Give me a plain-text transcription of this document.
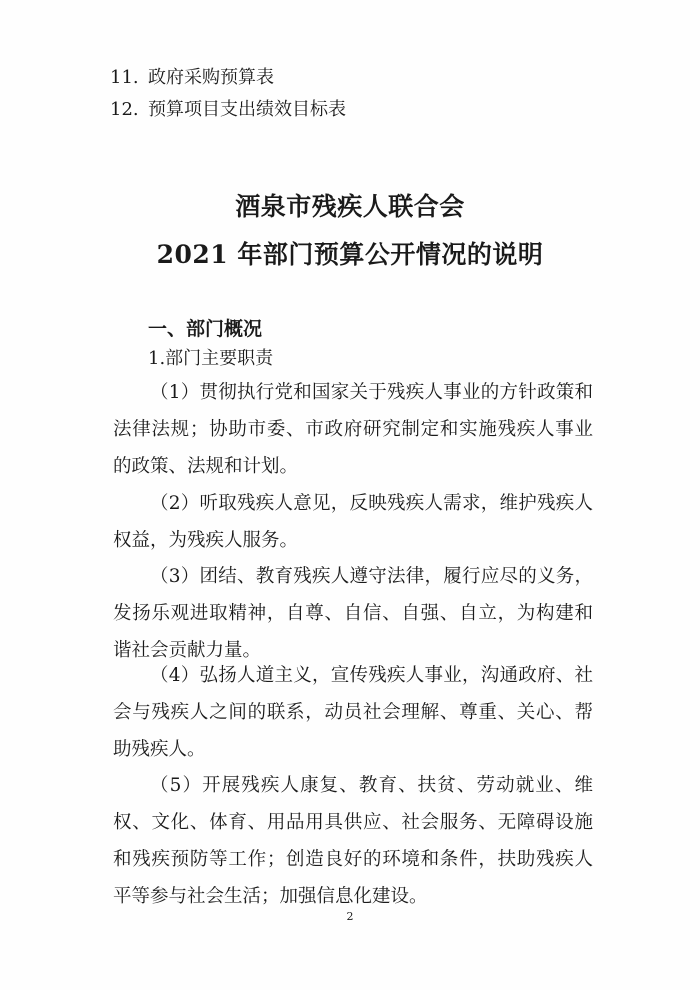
11. 政府采购预算表
12. 预算项目支出绩效目标表
酒泉市残疾人联合会
2021 年部门预算公开情况的说明
一、部门概况
1.部门主要职责

（1）贯彻执行党和国家关于残疾人事业的方针政策和法律法规；协助市委、市政府研究制定和实施残疾人事业的政策、法规和计划。

（2）听取残疾人意见，反映残疾人需求，维护残疾人权益，为残疾人服务。

（3）团结、教育残疾人遵守法律，履行应尽的义务，发扬乐观进取精神，自尊、自信、自强、自立，为构建和谐社会贡献力量。

（4）弘扬人道主义，宣传残疾人事业，沟通政府、社会与残疾人之间的联系，动员社会理解、尊重、关心、帮助残疾人。

（5）开展残疾人康复、教育、扶贫、劳动就业、维权、文化、体育、用品用具供应、社会服务、无障碍设施和残疾预防等工作；创造良好的环境和条件，扶助残疾人平等参与社会生活；加强信息化建设。

2
